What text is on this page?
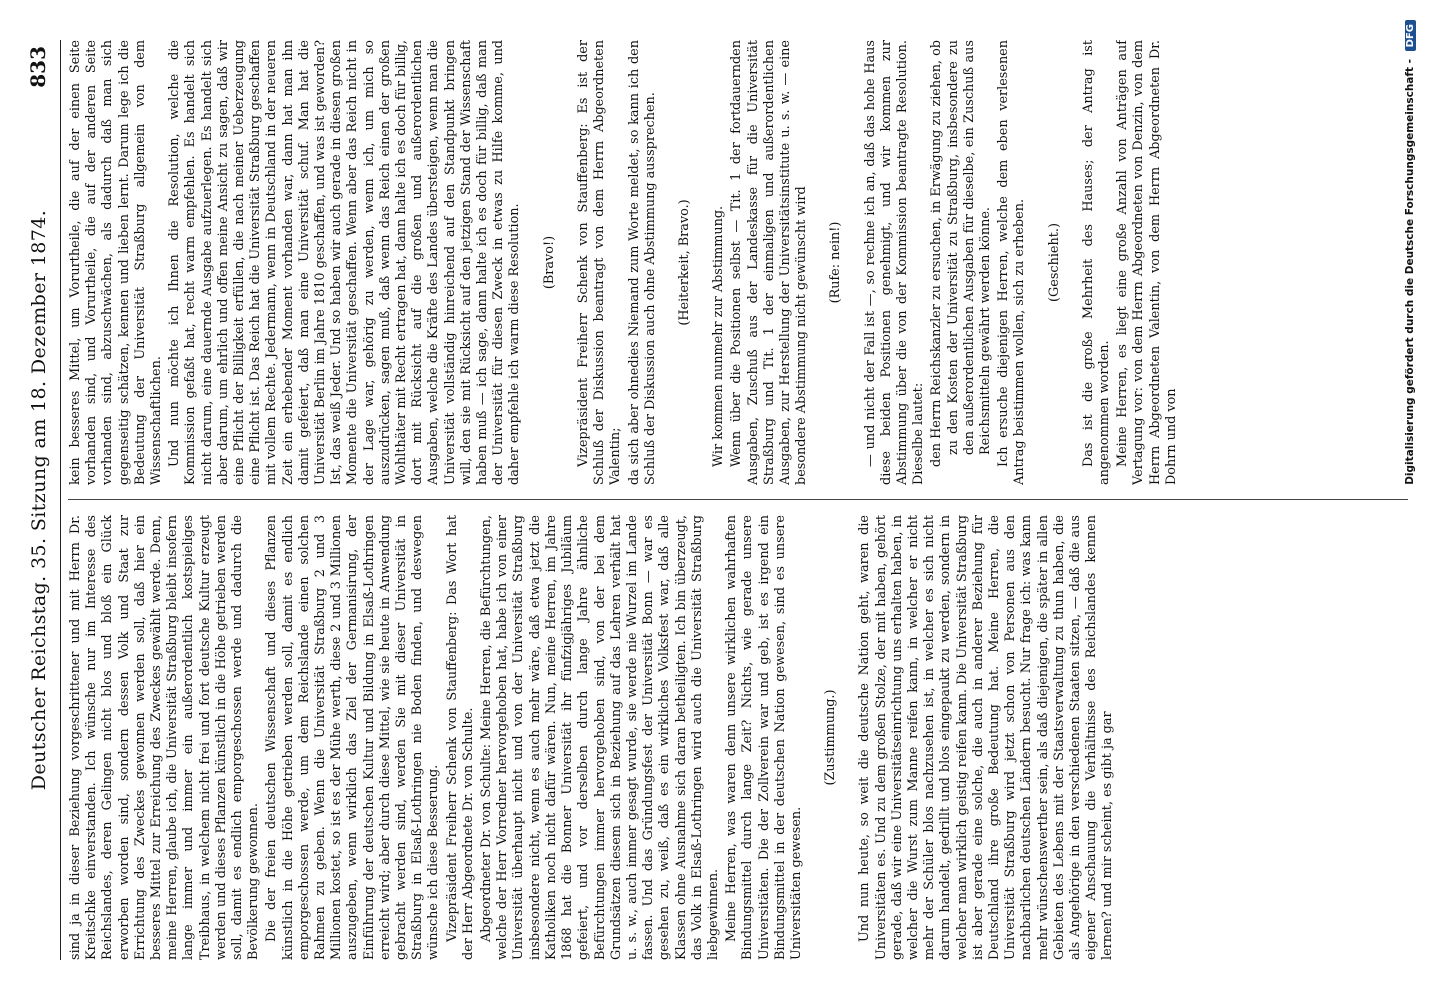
Deutscher Reichstag. 35. Sitzung am 18. Dezember 1874.
833

sind ja in dieser Beziehung vorgeschrittener und mit Herrn Dr. Kreitschke einverstanden. Ich wünsche nur im Interesse des Reichslandes, deren Gelingen nicht blos und bloß ein Glück erworben worden sind, sondern dessen Volk und Staat zur Errichtung des Zweckes gewonnen werden soll, daß hier ein besseres Mittel zur Erreichung des Zweckes gewählt werde. Denn, meine Herren, glaube ich, die Universität Straßburg bleibt insofern lange immer und immer ein außerordentlich kostspieliges Treibhaus, in welchem nicht frei und fort deutsche Kultur erzeugt werden und dieses Pflanzen künstlich in die Höhe getrieben werden soll, damit es endlich emporgeschossen werde und dadurch die Bevölkerung gewonnen. Die der freien deutschen Wissenschaft und dieses Pflanzen künstlich in die Höhe getrieben werden soll, damit es endlich emporgeschossen werde, um dem Reichslande einen solchen Rahmen zu geben. Wenn die Universität Straßburg 2 und 3 Millionen kostet, so ist es der Mühe werth, diese 2 und 3 Millionen auszugeben, wenn wirklich das Ziel der Germanisirung, der Einführung der deutschen Kultur und Bildung in Elsaß-Lothringen erreicht wird; aber durch diese Mittel, wie sie heute in Anwendung gebracht werden sind, werden Sie mit dieser Universität in Straßburg in Elsaß-Lothringen nie Boden finden, und deswegen wünsche ich diese Besserung. Vizepräsident Freiherr Schenk von Stauffenberg: Das Wort hat der Herr Abgeordnete Dr. von Schulte. Abgeordneter Dr. von Schulte: Meine Herren, die Befürchtungen, welche der Herr Vorredner hervorgehoben hat, habe ich von einer Universität überhaupt nicht und von der Universität Straßburg insbesondere nicht, wenn es auch mehr wäre, daß etwa jetzt die Katholiken noch nicht dafür wären. Nun, meine Herren, im Jahre 1868 hat die Bonner Universität ihr fünfzigjähriges Jubiläum gefeiert, und vor derselben durch lange Jahre ähnliche Befürchtungen immer hervorgehoben sind, von der bei dem Grundsätzen diesem sich in Beziehung auf das Lehren verhält hat u. s. w., auch immer gesagt wurde, sie werde nie Wurzel im Lande fassen. Und das Gründungsfest der Universität Bonn — war es gesehen zu, weiß, daß es ein wirkliches Volksfest war, daß alle Klassen ohne Ausnahme sich daran betheiligten. Ich bin überzeugt, das Volk in Elsaß-Lothringen wird auch die Universität Straßburg liebgewinnen. Meine Herren, was waren denn unsere wirklichen wahrhaften Bindungsmittel durch lange Zeit? Nichts, wie gerade unsere Universitäten. Die der Zollverein war und geb, ist es irgend ein Bindungsmittel in der deutschen Nation gewesen, sind es unsere Universitäten gewesen.

(Zustimmung.) Und nun heute, so weit die deutsche Nation geht, waren die Universitäten es. Und zu dem großen Stolze, der mit haben, gehört gerade, daß wir eine Universitätseinrichtung uns erhalten haben, in welcher die Wurst zum Manne reifen kann, in welcher er nicht mehr der Schüler blos nachzusehen ist, in welcher es sich nicht darum handelt, gedrillt und blos eingepaukt zu werden, sondern in welcher man wirklich geistig reifen kann. Die Universität Straßburg ist aber gerade eine solche, die auch in anderer Beziehung für Deutschland ihre große Bedeutung hat. Meine Herren, die Universität Straßburg wird jetzt schon von Personen aus den nachbarlichen deutschen Ländern besucht. Nur frage ich: was kann mehr wünschenswerther sein, als daß diejenigen, die später in allen Gebieten des Lebens mit der Staatsverwaltung zu thun haben, die als Angehörige in den verschiedenen Staaten sitzen, — daß die aus eigener Anschauung die Verhältnisse des Reichslandes kennen lernen? und mir scheint, es gibt ja gar

kein besseres Mittel, um Vorurtheile, die auf der einen Seite vorhanden sind, und Vorurtheile, die auf der anderen Seite vorhanden sind, abzuschwächen, als dadurch daß man sich gegenseitig schätzen, kennen und lieben lernt. Darum lege ich die Bedeutung der Universität Straßburg allgemein von dem Wissenschaftlichen. Und nun möchte ich Ihnen die Resolution, welche die Kommission gefaßt hat, recht warm empfehlen. Es handelt sich nicht darum, eine dauernde Ausgabe aufzuerlegen. Es handelt sich aber darum, um ehrlich und offen meine Ansicht zu sagen, daß wir eine Pflicht der Billigkeit erfüllen, die nach meiner Ueberzeugung eine Pflicht ist. Das Reich hat die Universität Straßburg geschaffen mit vollem Rechte. Jedermann, wenn in Deutschland in der neueren Zeit ein erhebender Moment vorhanden war, dann hat man ihn damit gefeiert, daß man eine Universität schuf. Man hat die Universität Berlin im Jahre 1810 geschaffen, und was ist geworden? Ist, das weiß Jeder. Und so haben wir auch gerade in diesen großen Momente die Universität geschaffen. Wenn aber das Reich nicht in der Lage war, gehörig zu werden, wenn ich, um mich so auszudrücken, sagen muß, daß wenn das Reich einen der großen Wohlthäter mit Recht ertragen hat, dann halte ich es doch für billig, dort mit Rücksicht auf die großen und außerordentlichen Ausgaben, welche die Kräfte des Landes übersteigen, wenn man die Universität vollständig hinreichend auf den Standpunkt bringen will, den sie mit Rücksicht auf den jetzigen Stand der Wissenschaft haben muß — ich sage, dann halte ich es doch für billig, daß man der Universität für diesen Zweck in etwas zu Hilfe komme, und daher empfehle ich warm diese Resolution. (Bravo!) Vizepräsident Freiherr Schenk von Stauffenberg: Es ist der Schluß der Diskussion beantragt von dem Herrn Abgeordneten Valentin; da sich aber ohnedies Niemand zum Worte meldet, so kann ich den Schluß der Diskussion auch ohne Abstimmung aussprechen. (Heiterkeit, Bravo.) Wir kommen nunmehr zur Abstimmung. Wenn über die Positionen selbst — Tit. 1 der fortdauernden Ausgaben, Zuschuß aus der Landeskasse für die Universität Straßburg und Tit. 1 der einmaligen und außerordentlichen Ausgaben, zur Herstellung der Universitätsinstitute u. s. w. — eine besondere Abstimmung nicht gewünscht wird (Rufe: nein!) — und nicht der Fall ist —, so rechne ich an, daß das hohe Haus diese beiden Positionen genehmigt, und wir kommen zur Abstimmung über die von der Kommission beantragte Resolution. Dieselbe lautet: den Herrn Reichskanzler zu ersuchen, in Erwägung zu ziehen, ob zu den Kosten der Universität zu Straßburg, insbesondere zu den außerordentlichen Ausgaben für dieselbe, ein Zuschuß aus Reichsmitteln gewährt werden könne. Ich ersuche diejenigen Herren, welche dem eben verlesenen Antrag beistimmen wollen, sich zu erheben. (Geschieht.) Das ist die große Mehrheit des Hauses; der Antrag ist angenommen worden. Meine Herren, es liegt eine große Anzahl von Anträgen auf Vertagung vor: von dem Herrn Abgeordneten von Denzin, von dem Herrn Abgeordneten Valentin, von dem Herrn Abgeordneten Dr. Dohrn und von	Digitalisierung gefördert durch die Deutsche Forschungsgemeinschaft - DFG
